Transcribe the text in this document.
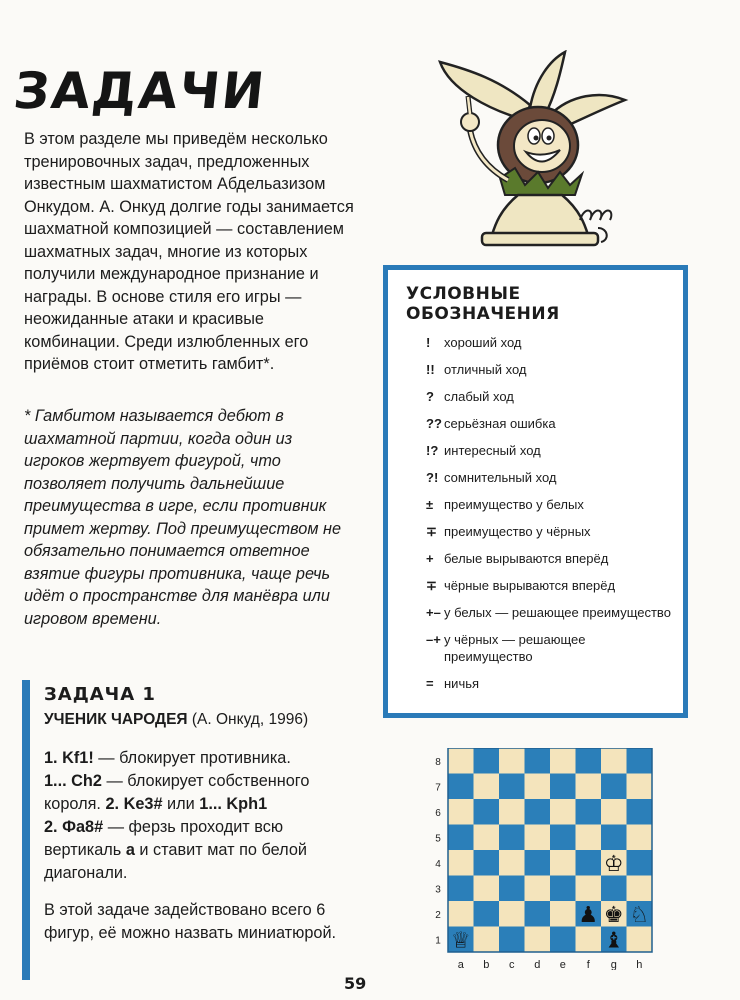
ЗАДАЧИ

В этом разделе мы приведём несколько тренировочных задач, предложенных известным шахматистом Абдельазизом Онкудом. А. Онкуд долгие годы занимается шахматной композицией — составлением шахматных задач, многие из которых получили международное признание и награды. В основе стиля его игры — неожиданные атаки и красивые комбинации. Среди излюбленных его приёмов стоит отметить гамбит*.

* Гамбитом называется дебют в шахматной партии, когда один из игроков жертвует фигурой, что позволяет получить дальнейшие преимущества в игре, если противник примет жертву. Под преимуществом не обязательно понимается ответное взятие фигуры противника, чаще речь идёт о пространстве для манёвра или игровом времени.

УСЛОВНЫЕ ОБОЗНАЧЕНИЯ
!	хороший ход
!! отличный ход
? слабый ход
?? серьёзная ошибка
!? интересный ход
?! сомнительный ход
± преимущество у белых
∓ преимущество у чёрных
+ белые вырываются вперёд
∓ чёрные вырываются вперёд
+– у белых — решающее преимущество
–+ у чёрных — решающее преимущество
= ничья
ЗАДАЧА 1

УЧЕНИК ЧАРОДЕЯ (А. Онкуд, 1996)

1. Kf1! — блокирует противника.
1... Ch2 — блокирует собственного короля. 2. Ke3# или 1... Kph1
2. Фa8# — ферзь проходит всю вертикаль a и ставит мат по белой диагонали.

В этой задаче задействовано всего 6 фигур, её можно назвать миниатюрой.

8
7
6
5
4
3
2
1
a b c d e f g h
♕
♔
♟ ♚ ♘
♝

59
